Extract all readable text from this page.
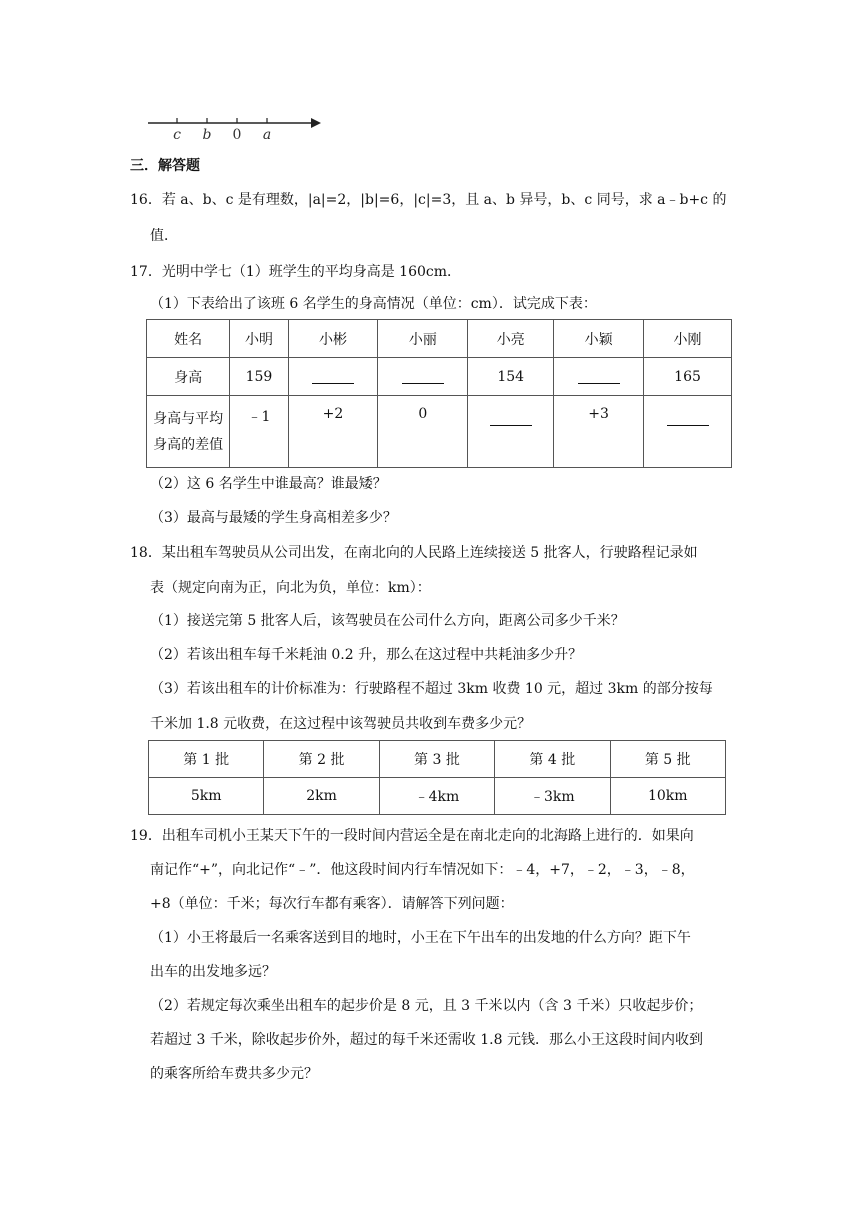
c b 0 a
三．解答题
16．若 a、b、c 是有理数，|a|=2，|b|=6，|c|=3，且 a、b 异号，b、c 同号，求 a﹣b+c 的
值．
17．光明中学七（1）班学生的平均身高是 160cm．
（1）下表给出了该班 6 名学生的身高情况（单位：cm）．试完成下表：
姓名	小明	小彬	小丽	小亮	小颖	小刚
身高	159			154		165

身高与平均
身高的差值	﹣1	+2	0		+3	
（2）这 6 名学生中谁最高？谁最矮？
（3）最高与最矮的学生身高相差多少？
18．某出租车驾驶员从公司出发，在南北向的人民路上连续接送 5 批客人，行驶路程记录如
表（规定向南为正，向北为负，单位：km）：
（1）接送完第 5 批客人后，该驾驶员在公司什么方向，距离公司多少千米？
（2）若该出租车每千米耗油 0.2 升，那么在这过程中共耗油多少升？
（3）若该出租车的计价标准为：行驶路程不超过 3km 收费 10 元，超过 3km 的部分按每
千米加 1.8 元收费，在这过程中该驾驶员共收到车费多少元？
第 1 批	第 2 批	第 3 批	第 4 批	第 5 批
5km	2km	﹣4km	﹣3km	10km
19．出租车司机小王某天下午的一段时间内营运全是在南北走向的北海路上进行的．如果向
南记作“+”，向北记作“﹣”．他这段时间内行车情况如下：﹣4，+7，﹣2，﹣3，﹣8，
+8（单位：千米；每次行车都有乘客）．请解答下列问题：
（1）小王将最后一名乘客送到目的地时，小王在下午出车的出发地的什么方向？距下午
出车的出发地多远？
（2）若规定每次乘坐出租车的起步价是 8 元，且 3 千米以内（含 3 千米）只收起步价；
若超过 3 千米，除收起步价外，超过的每千米还需收 1.8 元钱．那么小王这段时间内收到
的乘客所给车费共多少元？
